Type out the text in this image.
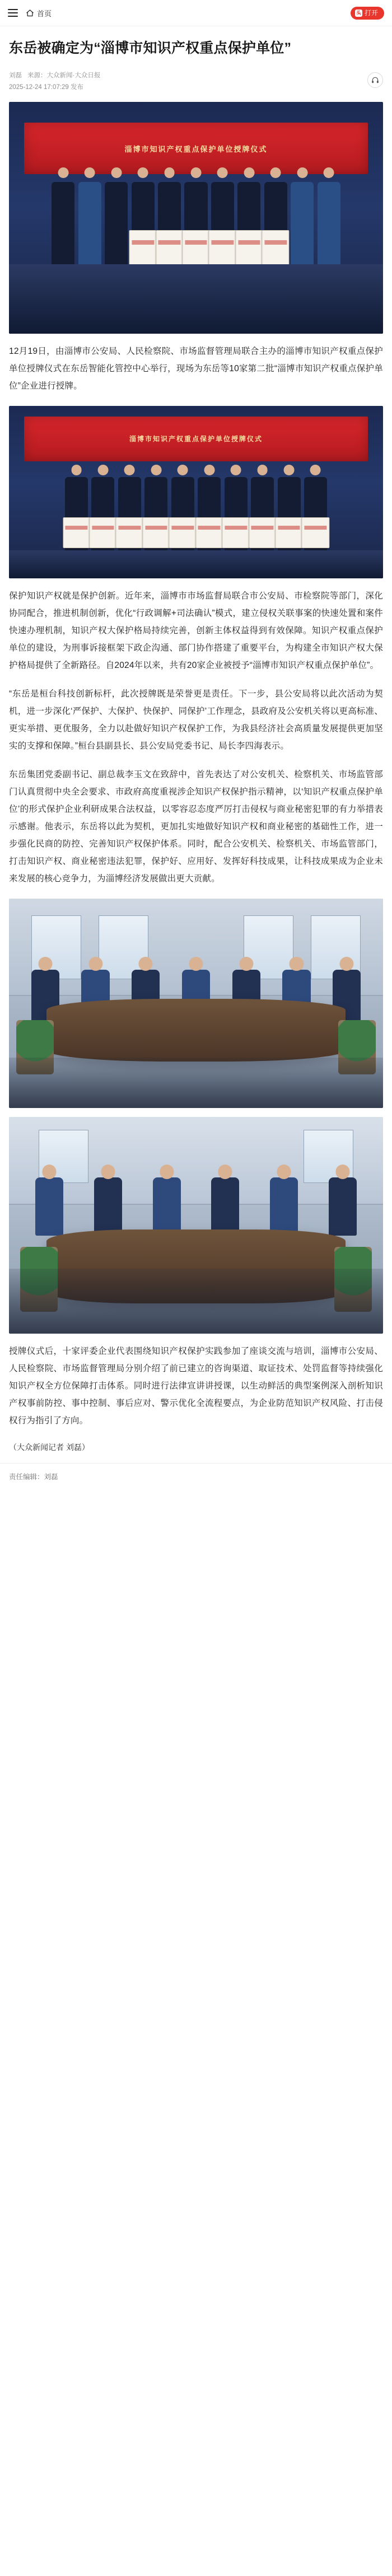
首页	头 打开
东岳被确定为“淄博市知识产权重点保护单位”
刘磊 来源：大众新闻·大众日报
2025-12-24 17:07:29 发布
淄博市知识产权重点保护单位授牌仪式

12月19日，由淄博市公安局、人民检察院、市场监督管理局联合主办的淄博市知识产权重点保护单位授牌仪式在东岳智能化管控中心举行，现场为东岳等10家第二批“淄博市知识产权重点保护单位”企业进行授牌。

淄博市知识产权重点保护单位授牌仪式

保护知识产权就是保护创新。近年来，淄博市市场监督局联合市公安局、市检察院等部门，深化协同配合，推进机制创新，优化“行政调解+司法确认”模式，建立侵权关联事案的快速处置和案件快速办理机制，知识产权大保护格局持续完善，创新主体权益得到有效保障。知识产权重点保护单位的建设，为刑事诉接框架下政企沟通、部门协作搭建了重要平台，为构建全市知识产权大保护格局提供了全新路径。自2024年以来，共有20家企业被授予“淄博市知识产权重点保护单位”。

“东岳是桓台科技创新标杆，此次授牌既是荣誉更是责任。下一步，县公安局将以此次活动为契机，进一步深化‘严保护、大保护、快保护、同保护’工作理念，县政府及公安机关将以更高标准、更实举措、更优服务，全力以赴做好知识产权保护工作，为我县经济社会高质量发展提供更加坚实的支撑和保障。”桓台县副县长、县公安局党委书记、局长李四海表示。

东岳集团党委副书记、副总裁李玉文在致辞中，首先表达了对公安机关、检察机关、市场监管部门认真贯彻中央全会要求、市政府高度重视涉企知识产权保护指示精神，以‘知识产权重点保护单位’的形式保护企业利研成果合法权益，以零容忍态度严厉打击侵权与商业秘密犯罪的有力举措表示感谢。他表示，东岳将以此为契机，更加扎实地做好知识产权和商业秘密的基础性工作，进一步强化民商的防控、完善知识产权保护体系。同时，配合公安机关、检察机关、市场监管部门，打击知识产权、商业秘密违法犯罪，保护好、应用好、发挥好科技成果，让科技成果成为企业未来发展的核心竞争力，为淄博经济发展做出更大贡献。

授牌仪式后，十家评委企业代表围绕知识产权保护实践参加了座谈交流与培训，淄博市公安局、人民检察院、市场监督管理局分别介绍了前已建立的咨询渠道、取证技术、处罚监督等持续强化知识产权全方位保障打击体系。同时进行法律宣讲讲授课，以生动鲜活的典型案例深入剖析知识产权事前防控、事中控制、事后应对、警示优化全流程要点，为企业防范知识产权风险、打击侵权行为指引了方向。

（大众新闻记者 刘磊）
责任编辑：刘磊
